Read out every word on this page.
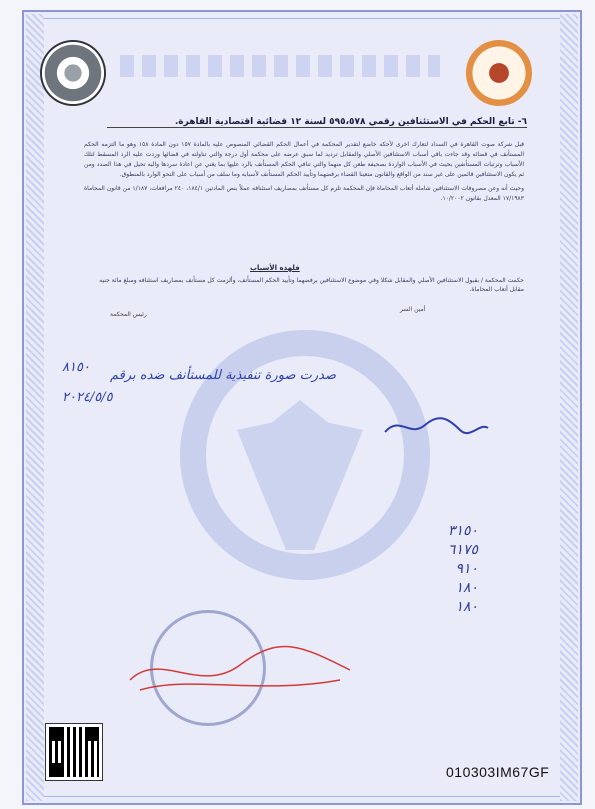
٦- تابع الحكم في الاستئنافين رقمي ٥٩٥،٥٧٨ لسنة ١٢ قضائية اقتصادية القاهرة.

قبل شركة صوت القاهرة في السداد لتعارك اخرى لأحكه خاضع لتقدير المحكمة في أعمال الحكم القضائي المنصوص عليه بالمادة ١٥٧ دون المادة ١٥٨ وهو ما التزمه الحكم المستأنف في قضائه وقد جاءت باقي أسباب الاستئنافين الأصلي والمقابل ترديد لما سبق عرضه على محكمة أول درجة والتي تناولته في قضائها وردت عليه الرد المسقط لتلك الأسباب وترتبات المستأنفين بحيث في الأسباب الواردة بصحيفة طعن كل منهما والتي تنافي الحكم المستأنف بالرد عليها بما يغني عن اعادة سردها واليه تحيل في هذا الصدد ومن ثم يكون الاستئنافين قائمين على غير سند من الواقع والقانون متعينا القضاء برفضهما وتأييد الحكم المستأنف لأسبابه وما سلف من أسباب على النحو الوارد بالمنطوق.

وحيث أنه وعن مصروفات الاستئنافين شاملة أتعاب المحاماة فإن المحكمة تلزم كل مستأنف بمصاريف استئنافه عملاً بنص المادتين ١٨٤/١، ٢٤٠ مرافعات، ١/١٨٧ من قانون المحاماة ١٧/١٩٨٣ المعدل بقانون ١٠/٢٠٠٢.

فلهذه الأسباب
حكمت المحكمة / بقبول الاستئنافين الأصلي والمقابل شكلا وفي موضوع الاستئنافين برفضهما وتأييد الحكم المستأنف، وألزمت كل مستأنف بمصاريف استئنافه ومبلغ مائة جنيه مقابل أتعاب المحاماة.
رئيس المحكمة
أمين السر
٨١٥٠
صدرت صورة تنفيذية للمستأنف ضده برقم
٢٠٢٤/٥/٥
٣١٥٠
٦١٧٥
٩١٠
١٨٠
١٨٠
010303IM67GF
